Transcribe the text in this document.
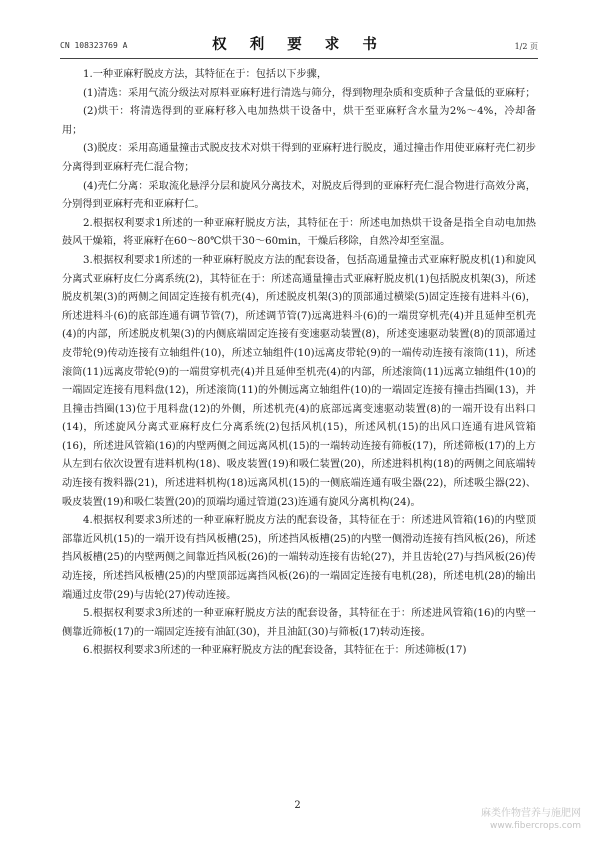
CN 108323769 A	权 利 要 求 书	1/2 页

1.一种亚麻籽脱皮方法，其特征在于：包括以下步骤，

(1)清选：采用气流分级法对原料亚麻籽进行清选与筛分，得到物理杂质和变质种子含量低的亚麻籽；

(2)烘干：将清选得到的亚麻籽移入电加热烘干设备中，烘干至亚麻籽含水量为2%～4%，冷却备用；

(3)脱皮：采用高通量撞击式脱皮技术对烘干得到的亚麻籽进行脱皮，通过撞击作用使亚麻籽壳仁初步分离得到亚麻籽壳仁混合物；

(4)壳仁分离：采取流化悬浮分层和旋风分离技术，对脱皮后得到的亚麻籽壳仁混合物进行高效分离，分别得到亚麻籽壳和亚麻籽仁。

2.根据权利要求1所述的一种亚麻籽脱皮方法，其特征在于：所述电加热烘干设备是指全自动电加热鼓风干燥箱，将亚麻籽在60～80℃烘干30～60min，干燥后移除，自然冷却至室温。

3.根据权利要求1所述的一种亚麻籽脱皮方法的配套设备，包括高通量撞击式亚麻籽脱皮机(1)和旋风分离式亚麻籽皮仁分离系统(2)，其特征在于：所述高通量撞击式亚麻籽脱皮机(1)包括脱皮机架(3)，所述脱皮机架(3)的两侧之间固定连接有机壳(4)，所述脱皮机架(3)的顶部通过横梁(5)固定连接有进料斗(6)，所述进料斗(6)的底部连通有调节管(7)，所述调节管(7)远离进料斗(6)的一端贯穿机壳(4)并且延伸至机壳(4)的内部，所述脱皮机架(3)的内侧底端固定连接有变速驱动装置(8)，所述变速驱动装置(8)的顶部通过皮带轮(9)传动连接有立轴组件(10)，所述立轴组件(10)远离皮带轮(9)的一端传动连接有滚筒(11)，所述滚筒(11)远离皮带轮(9)的一端贯穿机壳(4)并且延伸至机壳(4)的内部，所述滚筒(11)远离立轴组件(10)的一端固定连接有甩料盘(12)，所述滚筒(11)的外侧远离立轴组件(10)的一端固定连接有撞击挡圈(13)，并且撞击挡圈(13)位于甩料盘(12)的外侧，所述机壳(4)的底部远离变速驱动装置(8)的一端开设有出料口(14)，所述旋风分离式亚麻籽皮仁分离系统(2)包括风机(15)，所述风机(15)的出风口连通有进风管箱(16)，所述进风管箱(16)的内壁两侧之间远离风机(15)的一端转动连接有筛板(17)，所述筛板(17)的上方从左到右依次设置有进料机构(18)、吸皮装置(19)和吸仁装置(20)，所述进料机构(18)的两侧之间底端转动连接有拨料器(21)，所述进料机构(18)远离风机(15)的一侧底端连通有吸尘器(22)，所述吸尘器(22)、吸皮装置(19)和吸仁装置(20)的顶端均通过管道(23)连通有旋风分离机构(24)。

4.根据权利要求3所述的一种亚麻籽脱皮方法的配套设备，其特征在于：所述进风管箱(16)的内壁顶部靠近风机(15)的一端开设有挡风板槽(25)，所述挡风板槽(25)的内壁一侧滑动连接有挡风板(26)，所述挡风板槽(25)的内壁两侧之间靠近挡风板(26)的一端转动连接有齿轮(27)，并且齿轮(27)与挡风板(26)传动连接，所述挡风板槽(25)的内壁顶部远离挡风板(26)的一端固定连接有电机(28)，所述电机(28)的输出端通过皮带(29)与齿轮(27)传动连接。

5.根据权利要求3所述的一种亚麻籽脱皮方法的配套设备，其特征在于：所述进风管箱(16)的内壁一侧靠近筛板(17)的一端固定连接有油缸(30)，并且油缸(30)与筛板(17)转动连接。

6.根据权利要求3所述的一种亚麻籽脱皮方法的配套设备，其特征在于：所述筛板(17)

2
麻类作物营养与施肥网
www.fibercrops.com
